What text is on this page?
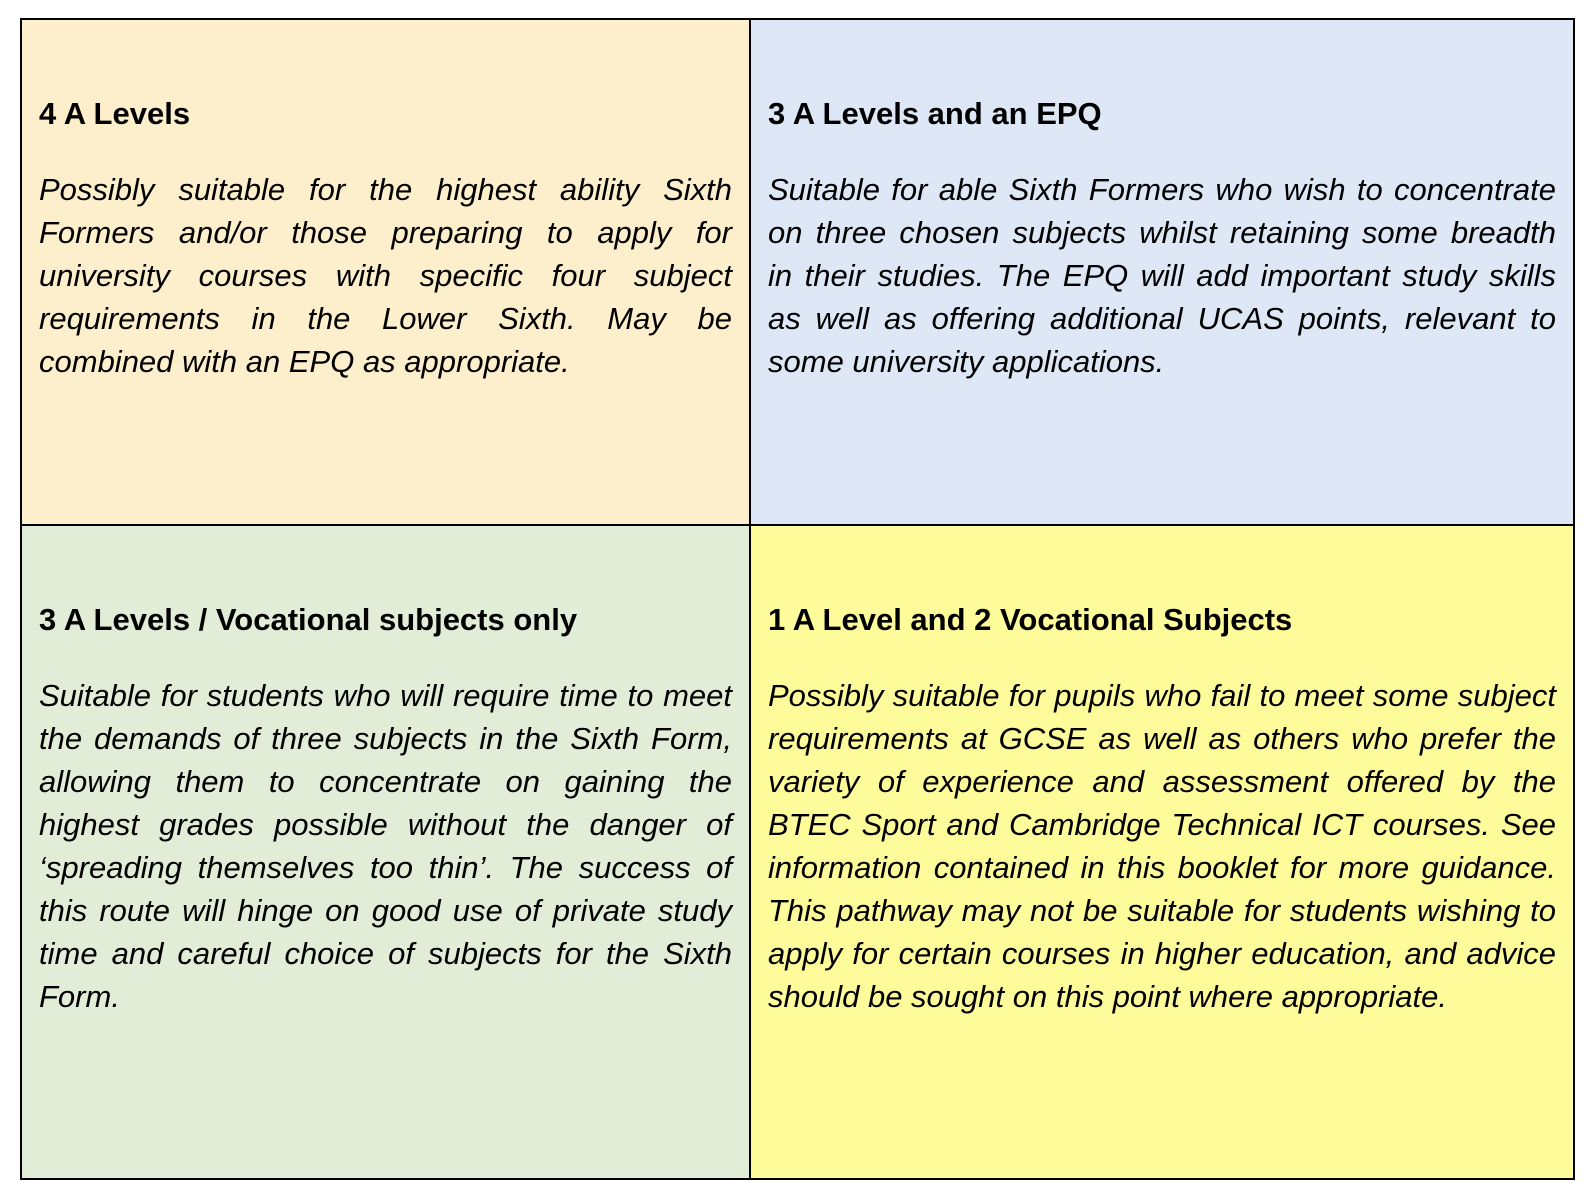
4 A Levels

Possibly suitable for the highest ability Sixth Formers and/or those preparing to apply for university courses with specific four subject requirements in the Lower Sixth. May be combined with an EPQ as appropriate.

3 A Levels and an EPQ

Suitable for able Sixth Formers who wish to concentrate on three chosen subjects whilst retaining some breadth in their studies. The EPQ will add important study skills as well as offering additional UCAS points, relevant to some university applications.

3 A Levels / Vocational subjects only

Suitable for students who will require time to meet the demands of three subjects in the Sixth Form, allowing them to concentrate on gaining the highest grades possible without the danger of ‘spreading themselves too thin’. The success of this route will hinge on good use of private study time and careful choice of subjects for the Sixth Form.

1 A Level and 2 Vocational Subjects

Possibly suitable for pupils who fail to meet some subject requirements at GCSE as well as others who prefer the variety of experience and assessment offered by the BTEC Sport and Cambridge Technical ICT courses. See information contained in this booklet for more guidance. This pathway may not be suitable for students wishing to apply for certain courses in higher education, and advice should be sought on this point where appropriate.
